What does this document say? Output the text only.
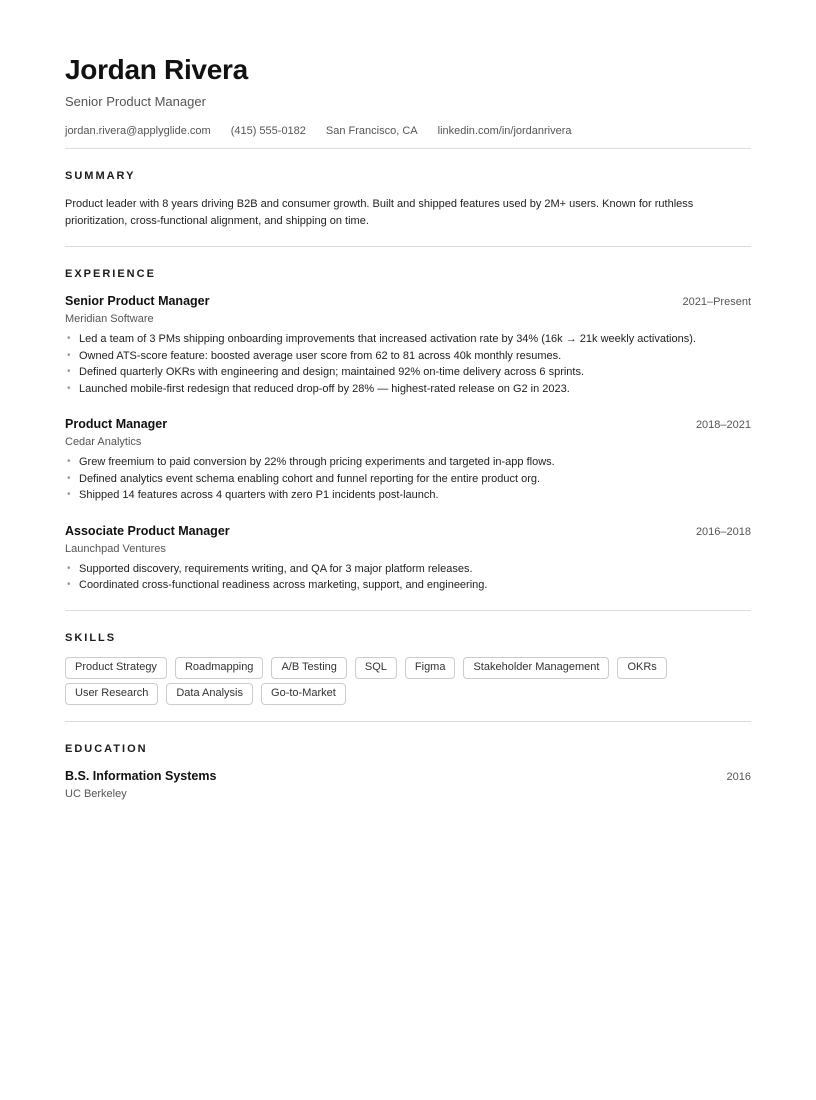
Jordan Rivera
Senior Product Manager
jordan.rivera@applyglide.com (415) 555-0182 San Francisco, CA linkedin.com/in/jordanrivera
SUMMARY

Product leader with 8 years driving B2B and consumer growth. Built and shipped features used by 2M+ users. Known for ruthless prioritization, cross-functional alignment, and shipping on time.

EXPERIENCE
Senior Product Manager	2021–Present
Meridian Software
• Led a team of 3 PMs shipping onboarding improvements that increased activation rate by 34% (16k → 21k weekly activations).
• Owned ATS-score feature: boosted average user score from 62 to 81 across 40k monthly resumes.
• Defined quarterly OKRs with engineering and design; maintained 92% on-time delivery across 6 sprints.
• Launched mobile-first redesign that reduced drop-off by 28% — highest-rated release on G2 in 2023.
Product Manager	2018–2021
Cedar Analytics
• Grew freemium to paid conversion by 22% through pricing experiments and targeted in-app flows.
• Defined analytics event schema enabling cohort and funnel reporting for the entire product org.
• Shipped 14 features across 4 quarters with zero P1 incidents post-launch.
Associate Product Manager	2016–2018
Launchpad Ventures
• Supported discovery, requirements writing, and QA for 3 major platform releases.
• Coordinated cross-functional readiness across marketing, support, and engineering.
SKILLS
Product Strategy	Roadmapping	A/B Testing	SQL	Figma	Stakeholder Management	OKRs
User Research	Data Analysis	Go-to-Market
EDUCATION
B.S. Information Systems	2016
UC Berkeley
